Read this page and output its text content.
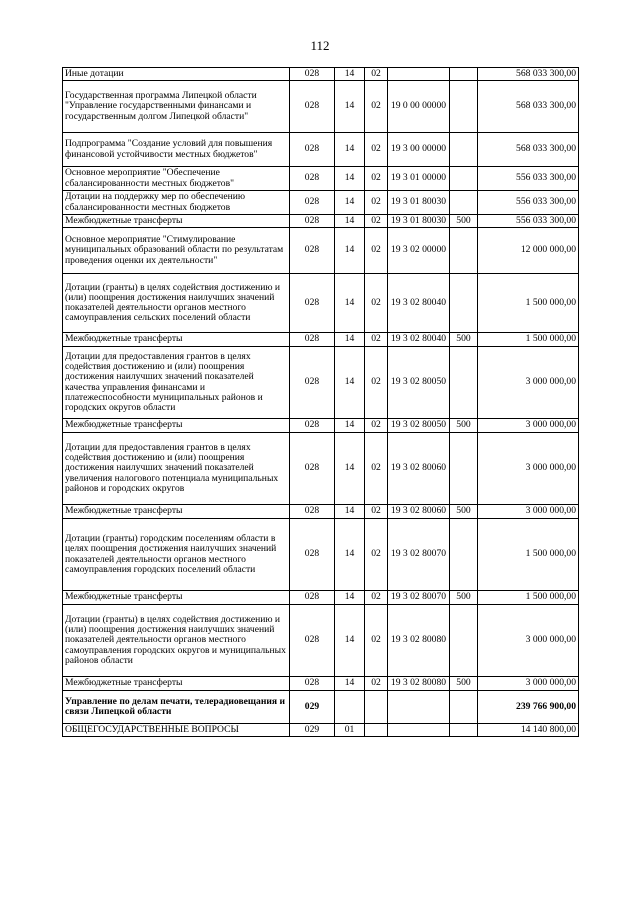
112
Иные дотации	028	14	02			568 033 300,00
Государственная программа Липецкой области "Управление государственными финансами и государственным долгом Липецкой области"	028	14	02	19 0 00 00000		568 033 300,00
Подпрограмма "Создание условий для повышения финансовой устойчивости местных бюджетов"	028	14	02	19 3 00 00000		568 033 300,00
Основное мероприятие "Обеспечение сбалансированности местных бюджетов"	028	14	02	19 3 01 00000		556 033 300,00
Дотации на поддержку мер по обеспечению сбалансированности местных бюджетов	028	14	02	19 3 01 80030		556 033 300,00
Межбюджетные трансферты	028	14	02	19 3 01 80030	500	556 033 300,00
Основное мероприятие "Стимулирование муниципальных образований области по результатам проведения оценки их деятельности"	028	14	02	19 3 02 00000		12 000 000,00
Дотации (гранты) в целях содействия достижению и (или) поощрения достижения наилучших значений показателей деятельности органов местного самоуправления сельских поселений области	028	14	02	19 3 02 80040		1 500 000,00
Межбюджетные трансферты	028	14	02	19 3 02 80040	500	1 500 000,00
Дотации для предоставления грантов в целях содействия достижению и (или) поощрения достижения наилучших значений показателей качества управления финансами и платежеспособности муниципальных районов и городских округов области	028	14	02	19 3 02 80050		3 000 000,00
Межбюджетные трансферты	028	14	02	19 3 02 80050	500	3 000 000,00
Дотации для предоставления грантов в целях содействия достижению и (или) поощрения достижения наилучших значений показателей увеличения налогового потенциала муниципальных районов и городских округов	028	14	02	19 3 02 80060		3 000 000,00
Межбюджетные трансферты	028	14	02	19 3 02 80060	500	3 000 000,00
Дотации (гранты) городским поселениям области в целях поощрения достижения наилучших значений показателей деятельности органов местного самоуправления городских поселений области	028	14	02	19 3 02 80070		1 500 000,00
Межбюджетные трансферты	028	14	02	19 3 02 80070	500	1 500 000,00
Дотации (гранты) в целях содействия достижению и (или) поощрения достижения наилучших значений показателей деятельности органов местного самоуправления городских округов и муниципальных районов области	028	14	02	19 3 02 80080		3 000 000,00
Межбюджетные трансферты	028	14	02	19 3 02 80080	500	3 000 000,00
Управление по делам печати, телерадиовещания и связи Липецкой области	029					239 766 900,00
ОБЩЕГОСУДАРСТВЕННЫЕ ВОПРОСЫ	029	01				14 140 800,00
